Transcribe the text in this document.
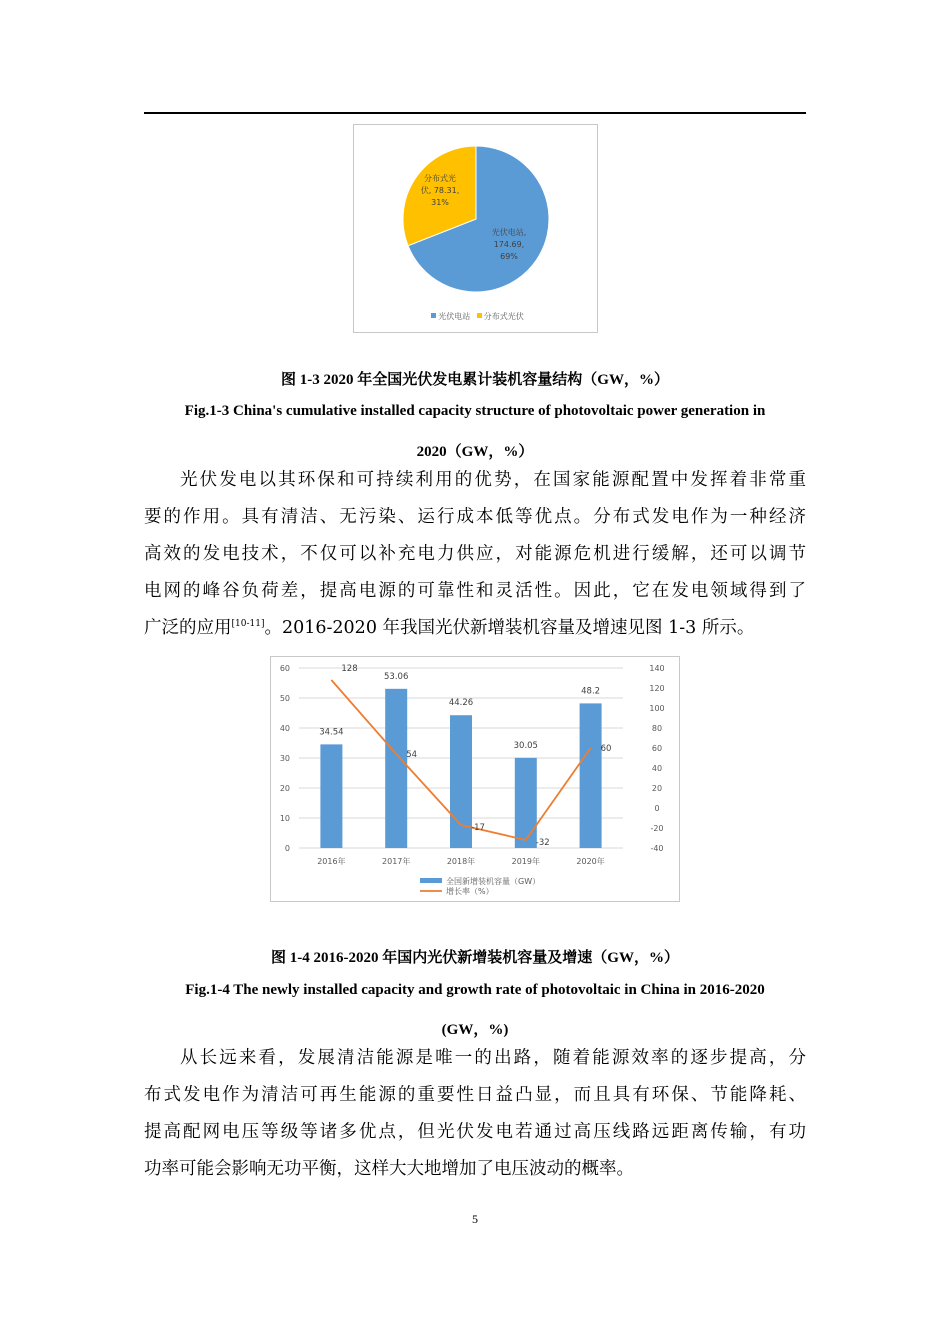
光伏电站,
174.69,
69%
分布式光
伏, 78.31,
31%
光伏电站 分布式光伏
图 1-3 2020 年全国光伏发电累计装机容量结构（GW，%）
Fig.1-3 China's cumulative installed capacity structure of photovoltaic power generation in
2020（GW，%）
光伏发电以其环保和可持续利用的优势，在国家能源配置中发挥着非常重
要的作用。具有清洁、无污染、运行成本低等优点。分布式发电作为一种经济
高效的发电技术，不仅可以补充电力供应，对能源危机进行缓解，还可以调节
电网的峰谷负荷差，提高电源的可靠性和灵活性。因此，它在发电领域得到了
广泛的应用[10-11]。2016-2020 年我国光伏新增装机容量及增速见图 1-3 所示。
60
50
40
30
20
10
0
140
120
100
80
60
40
20
0
-20
-40
34.54
53.06
44.26
30.05
48.2
2016年	2017年	2018年	2019年	2020年
128
54
-17
-32
60
全国新增装机容量（GW）
增长率（%）
图 1-4 2016-2020 年国内光伏新增装机容量及增速（GW，%）
Fig.1-4 The newly installed capacity and growth rate of photovoltaic in China in 2016-2020
(GW，%)
从长远来看，发展清洁能源是唯一的出路，随着能源效率的逐步提高，分
布式发电作为清洁可再生能源的重要性日益凸显，而且具有环保、节能降耗、
提高配网电压等级等诸多优点，但光伏发电若通过高压线路远距离传输，有功
功率可能会影响无功平衡，这样大大地增加了电压波动的概率。
5
